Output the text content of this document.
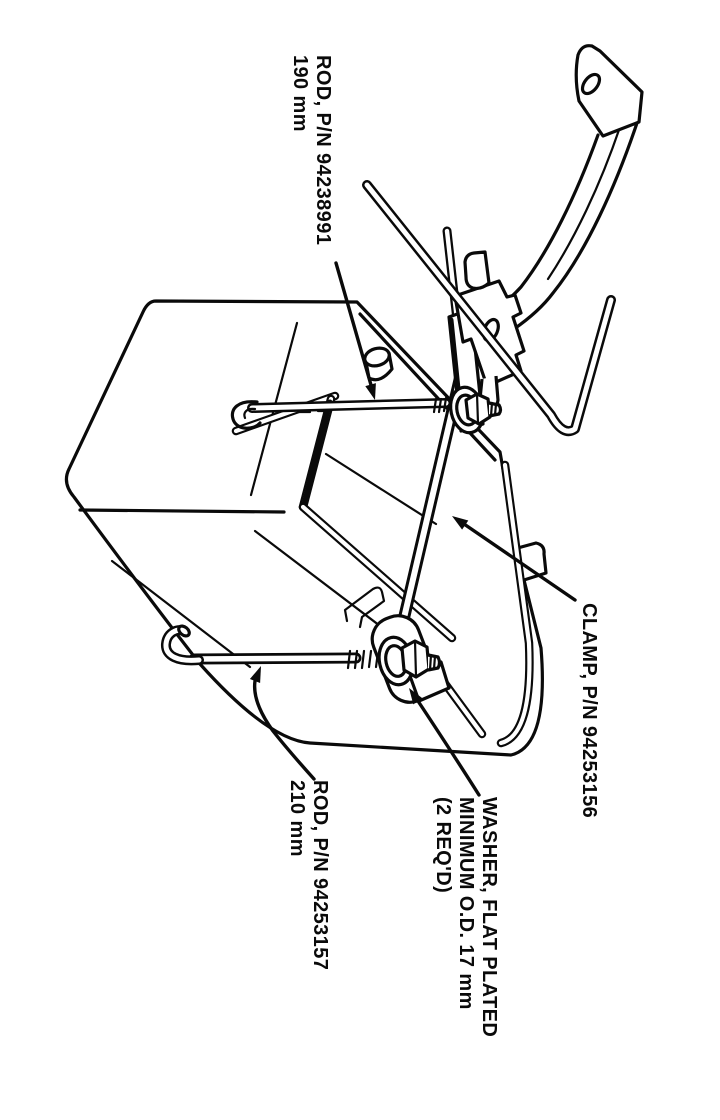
ROD, P/N 94238991
190 mm
CLAMP, P/N 94253156
ROD, P/N 94253157
210 mm	WASHER, FLAT PLATED
MINIMUM O.D. 17 mm
(2 REQ'D)
